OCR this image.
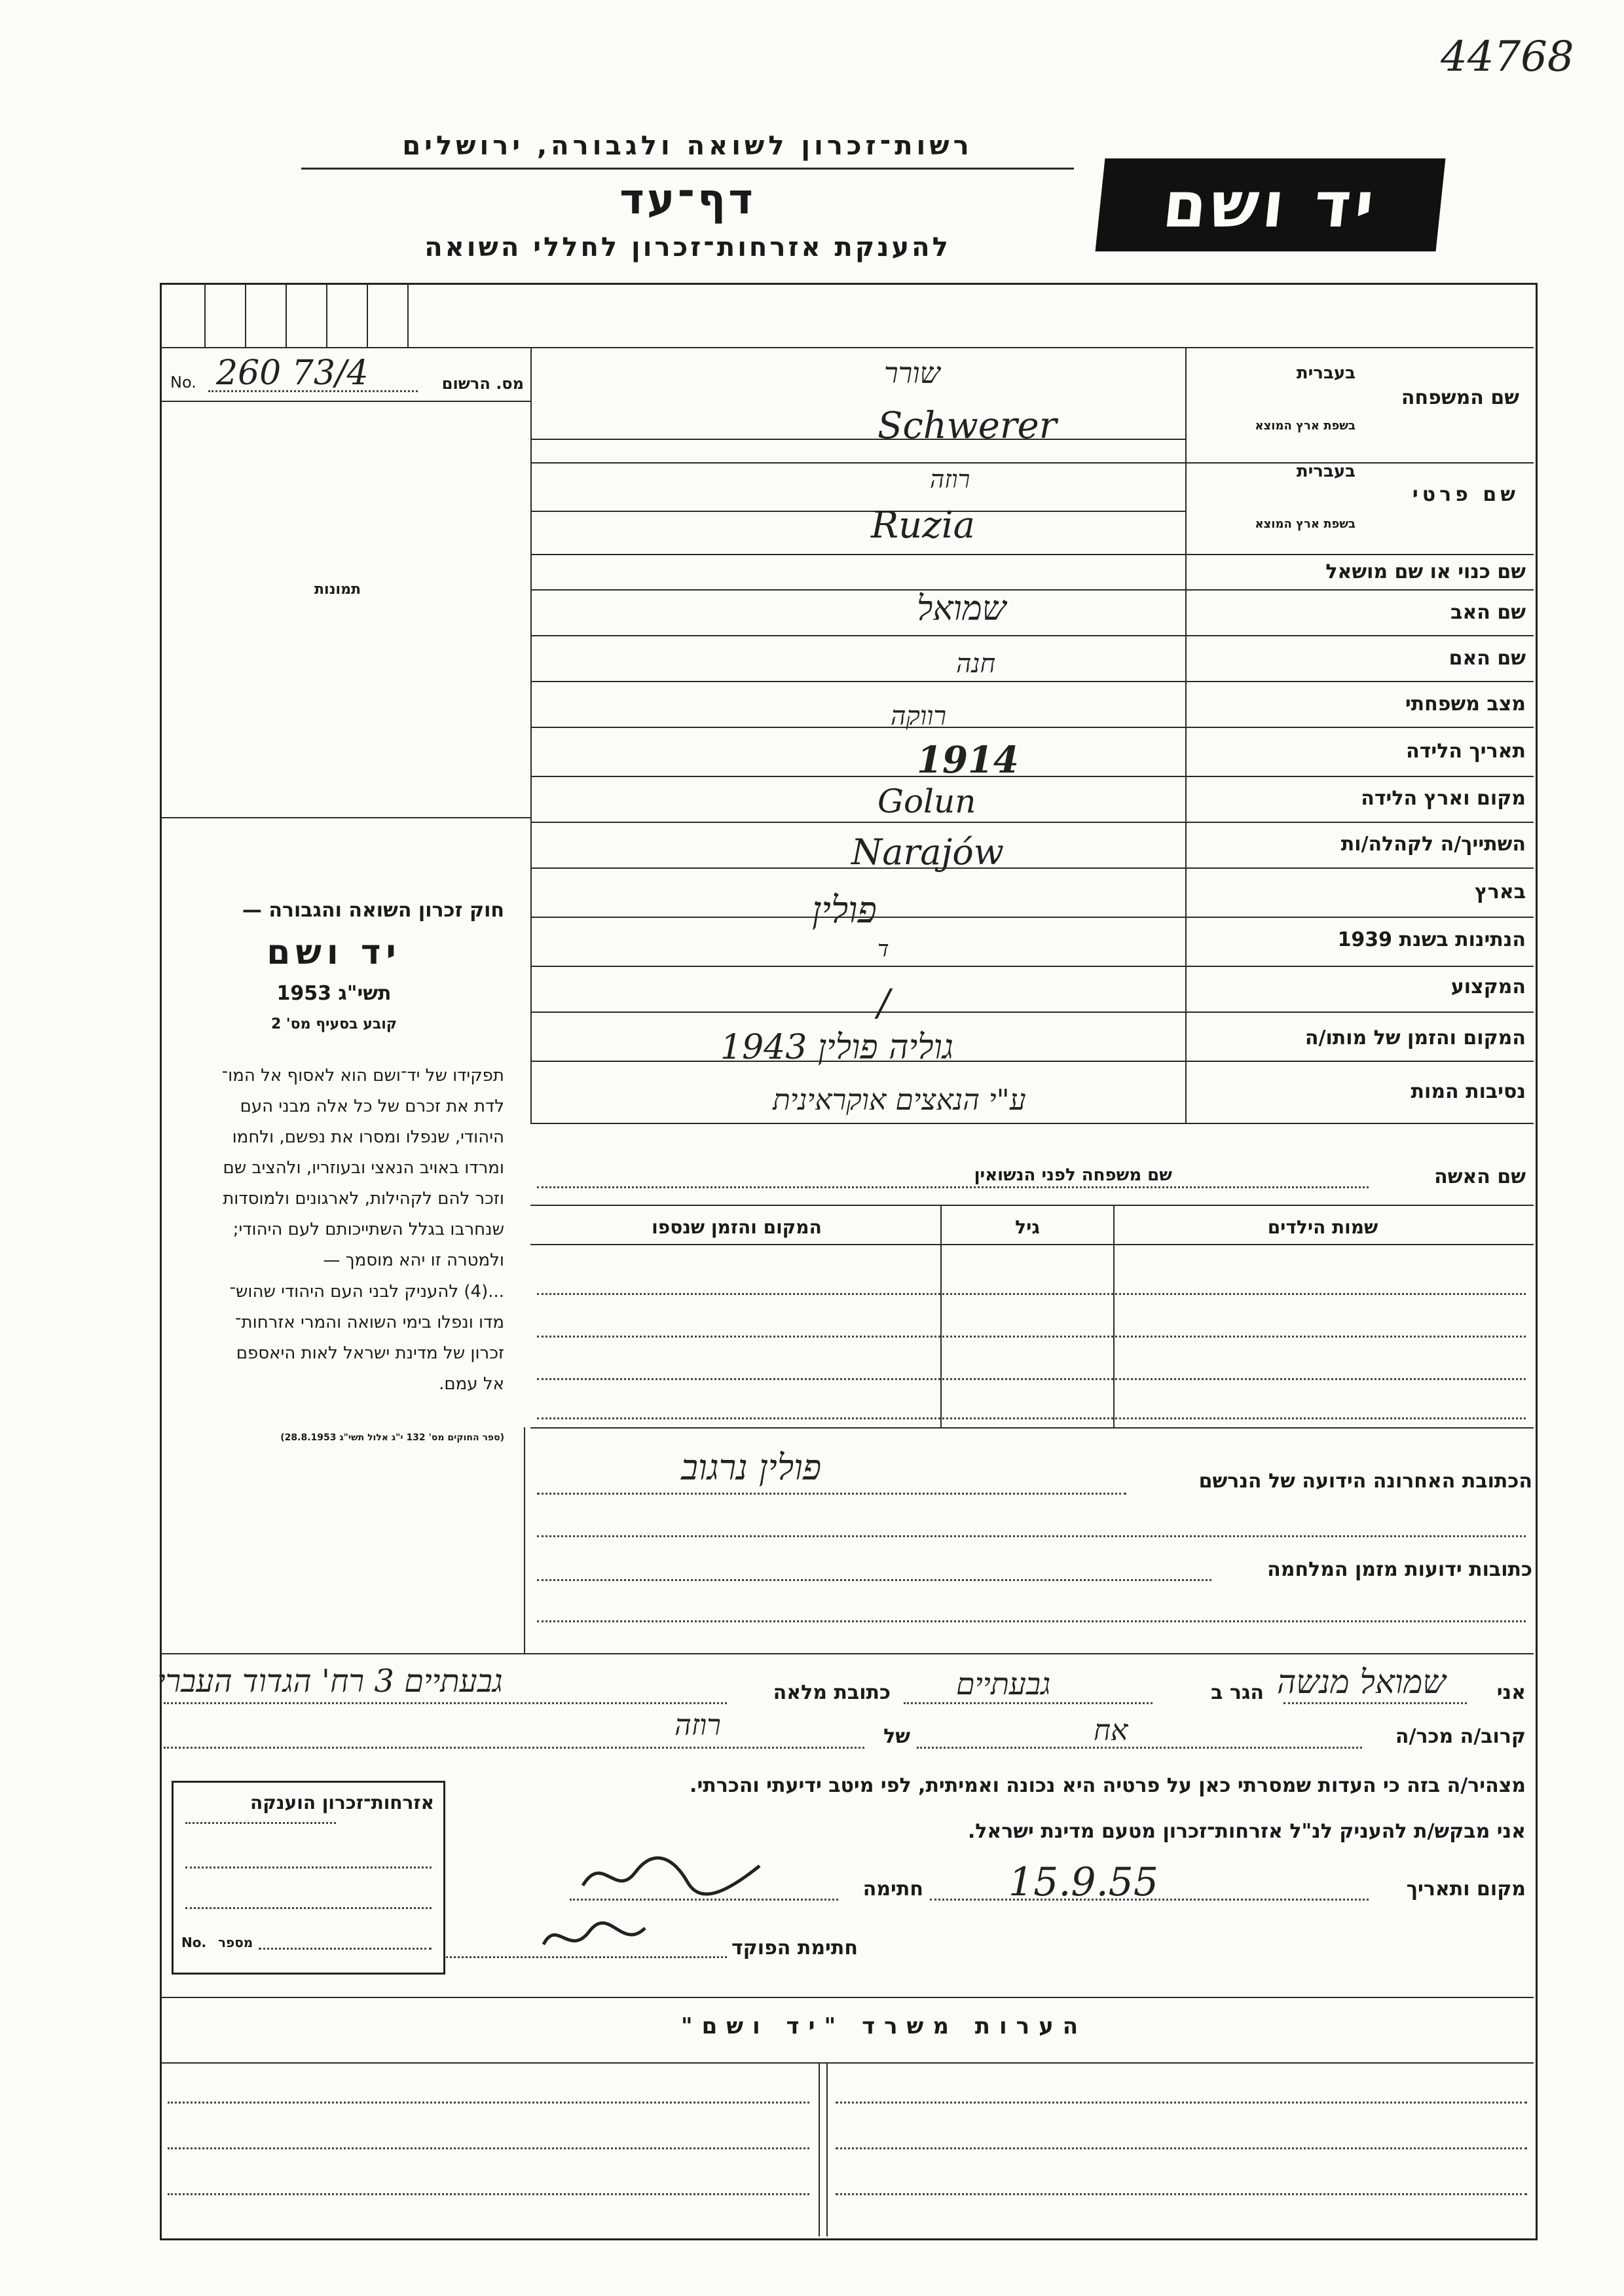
44768
רשות־זכרון לשואה ולגבורה, ירושלים
דף־עד
להענקת אזרחות־זכרון לחללי השואה
יד ושם
No. 260 73/4	מס. הרשום
תמונות
חוק זכרון השואה והגבורה —
יד ושם
תשי"ג 1953
קובע בסעיף מס' 2
תפקידו של יד־ושם הוא לאסוף אל המו־
לדת את זכרם של כל אלה מבני העם
היהודי, שנפלו ומסרו את נפשם, ולחמו
ומרדו באויב הנאצי ובעוזריו, ולהציב שם
וזכר להם לקהילות, לארגונים ולמוסדות
שנחרבו בגלל השתייכותם לעם היהודי;
ולמטרה זו יהא מוסמך —
...(4) להעניק לבני העם היהודי שהוש־
מדו ונפלו בימי השואה והמרי אזרחות־
זכרון של מדינת ישראל לאות היאספם
אל עמם.
(ספר החוקים מס' 132 י"ג אלול תשי"ג 28.8.1953)
שם המשפחה
בעברית
בשפת ארץ המוצא
שם פרטי
בעברית
בשפת ארץ המוצא
שם כנוי או שם מושאל
שם האב
שם האם
מצב משפחתי
תאריך הלידה
מקום וארץ הלידה
השתייך/ה לקהלה/ות
בארץ
הנתינות בשנת 1939
המקצוע
המקום והזמן של מותו/ה
נסיבות המות
שורר
Schwerer
רוזה
Ruzia
שמואל
חנה
רווקה
1914
Golun
Narajów
פולין
ד
/
גוליה פולין 1943
ע"י הנאצים אוקראינית
שם האשה
שם משפחה לפני הנשואין
שמות הילדים
גיל
המקום והזמן שנספו
הכתובת האחרונה הידועה של הנרשם
פולין נרגוב
כתובות ידועות מזמן המלחמה
אני
שמואל מנשה
הגר ב
גבעתיים
כתובת מלאה
גבעתיים 3 רח' הגדוד העברי
קרוב/ה מכר/ה
אח
של
רוזה
מצהיר/ה בזה כי העדות שמסרתי כאן על פרטיה היא נכונה ואמיתית, לפי מיטב ידיעתי והכרתי.
אני מבקש/ת להעניק לנ"ל אזרחות־זכרון מטעם מדינת ישראל.
מקום ותאריך
15.9.55
חתימה
חתימת הפוקד
אזרחות־זכרון הוענקה
No. מספר
הערות משרד "יד ושם"
